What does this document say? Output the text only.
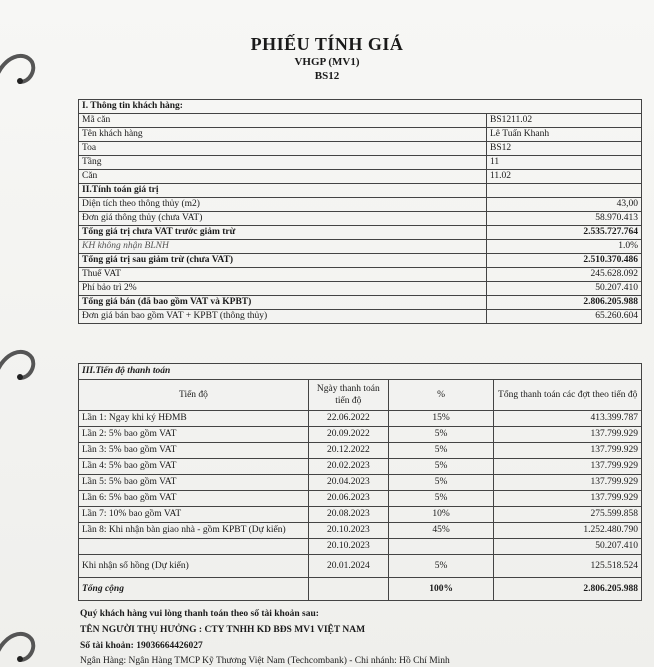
PHIẾU TÍNH GIÁ
VHGP (MV1)
BS12
I. Thông tin khách hàng:	
Mã căn	BS1211.02
Tên khách hàng	Lê Tuấn Khanh
Toa	BS12
Tầng	11
Căn	11.02
II.Tính toán giá trị	
Diện tích theo thông thủy (m2)	43,00
Đơn giá thông thủy (chưa VAT)	58.970.413
Tổng giá trị chưa VAT trước giảm trừ	2.535.727.764
KH không nhận BLNH	1.0%
Tổng giá trị sau giảm trừ (chưa VAT)	2.510.370.486
Thuế VAT	245.628.092
Phí bảo trì 2%	50.207.410
Tổng giá bán (đã bao gồm VAT và KPBT)	2.806.205.988
Đơn giá bán bao gồm VAT + KPBT (thông thủy)	65.260.604
III.Tiến độ thanh toán			
Tiến độ	Ngày thanh toán tiến độ	%	Tổng thanh toán các đợt theo tiến độ
Lần 1: Ngay khi ký HĐMB	22.06.2022	15%	413.399.787
Lần 2: 5% bao gồm VAT	20.09.2022	5%	137.799.929
Lần 3: 5% bao gồm VAT	20.12.2022	5%	137.799.929
Lần 4: 5% bao gồm VAT	20.02.2023	5%	137.799.929
Lần 5: 5% bao gồm VAT	20.04.2023	5%	137.799.929
Lần 6: 5% bao gồm VAT	20.06.2023	5%	137.799.929
Lần 7: 10% bao gồm VAT	20.08.2023	10%	275.599.858
Lần 8: Khi nhận bàn giao nhà - gồm KPBT (Dự kiến)	20.10.2023	45%	1.252.480.790
	20.10.2023		50.207.410
Khi nhận sổ hồng (Dự kiến)	20.01.2024	5%	125.518.524
Tổng cộng		100%	2.806.205.988
Quý khách hàng vui lòng thanh toán theo số tài khoản sau:
TÊN NGƯỜI THỤ HƯỞNG : CTY TNHH KD BĐS MV1 VIỆT NAM
Số tài khoản: 19036664426027
Ngân Hàng: Ngân Hàng TMCP Kỹ Thương Việt Nam (Techcombank) - Chi nhánh: Hồ Chí Minh
